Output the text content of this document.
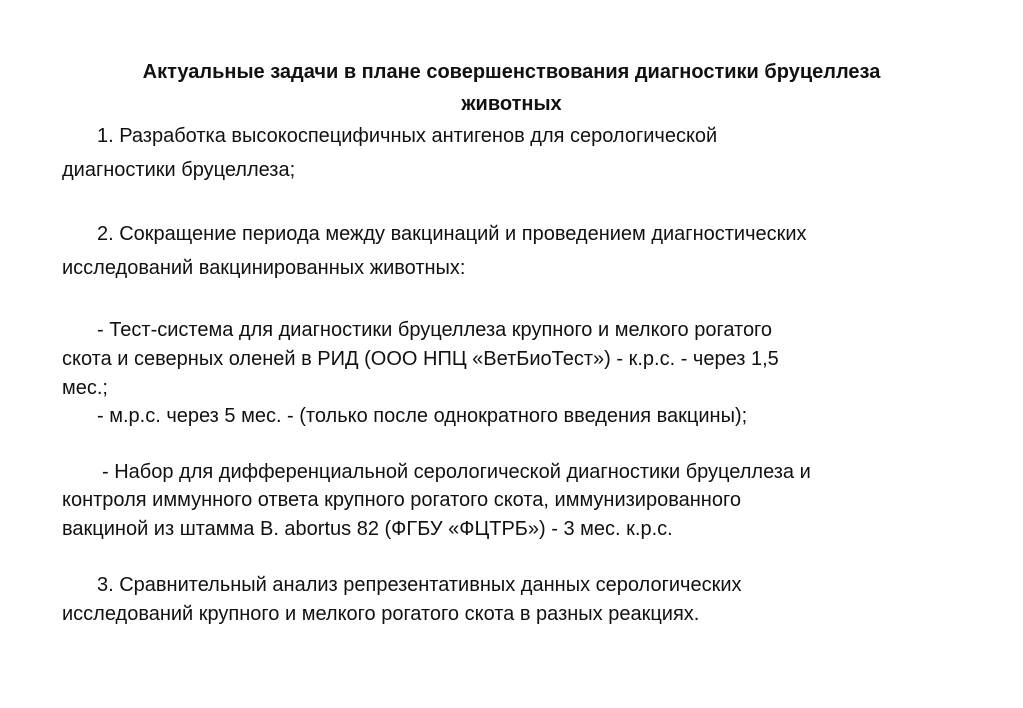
Актуальные задачи в плане совершенствования диагностики бруцеллеза
животных
1. Разработка высокоспецифичных антигенов для серологической
диагностики бруцеллеза;
2. Сокращение периода между вакцинаций и проведением диагностических
исследований вакцинированных животных:
- Тест-система для диагностики бруцеллеза крупного и мелкого рогатого
скота и северных оленей в РИД (ООО НПЦ «ВетБиоТест») - к.р.с. - через 1,5
мес.;
- м.р.с. через 5 мес. - (только после однократного введения вакцины);
- Набор для дифференциальной серологической диагностики бруцеллеза и
контроля иммунного ответа крупного рогатого скота, иммунизированного
вакциной из штамма B. abortus 82 (ФГБУ «ФЦТРБ») - 3 мес. к.р.с.
3. Сравнительный анализ репрезентативных данных серологических
исследований крупного и мелкого рогатого скота в разных реакциях.
